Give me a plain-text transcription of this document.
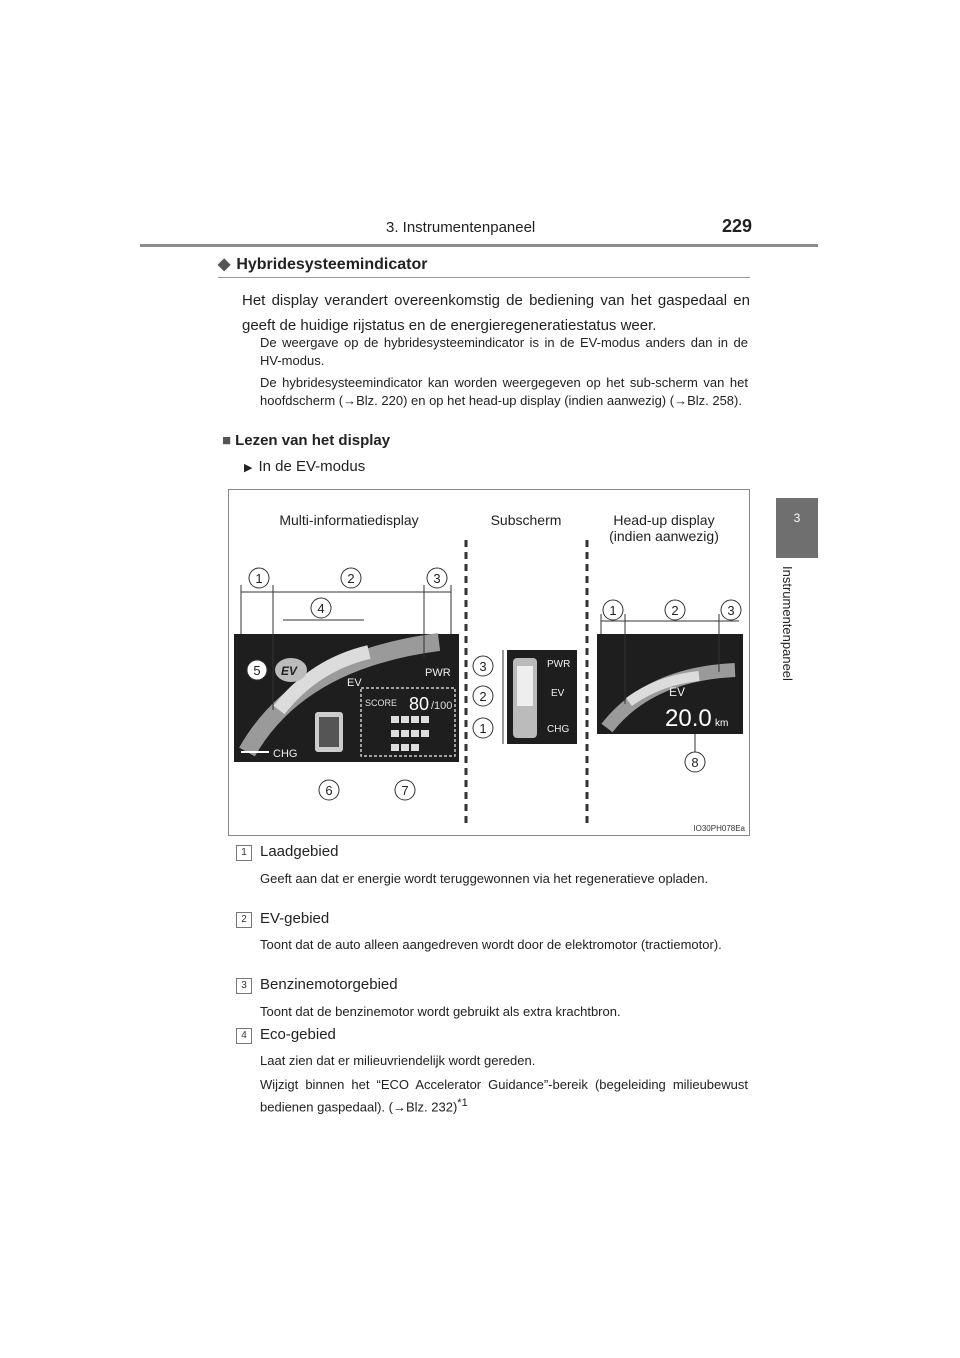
3. Instrumentenpaneel	229
3
Instrumentenpaneel
◆ Hybridesysteemindicator
Het display verandert overeenkomstig de bediening van het gaspedaal en geeft de huidige rijstatus en de energieregeneratiestatus weer.
De weergave op de hybridesysteemindicator is in de EV-modus anders dan in de HV-modus.
De hybridesysteemindicator kan worden weergegeven op het sub-scherm van het hoofdscherm (→Blz. 220) en op het head-up display (indien aanwezig) (→Blz. 258).
■ Lezen van het display
▶ In de EV-modus
Multi-informatiedisplay	Subscherm	Head-up display
(indien aanwezig)
EV	PWR
EV
CHG
SCORE 80 /100
PWR
EV
CHG
EV
20.0 km
1	2	3
4
5
6	7
3
2
1
1	2	3
8
IO30PH078Ea
1 Laadgebied
Geeft aan dat er energie wordt teruggewonnen via het regeneratieve opladen.
2 EV-gebied
Toont dat de auto alleen aangedreven wordt door de elektromotor (tractiemotor).
3 Benzinemotorgebied
Toont dat de benzinemotor wordt gebruikt als extra krachtbron.
4 Eco-gebied
Laat zien dat er milieuvriendelijk wordt gereden.
Wijzigt binnen het “ECO Accelerator Guidance”-bereik (begeleiding milieubewust bedienen gaspedaal). (→Blz. 232)$^{*1}$
